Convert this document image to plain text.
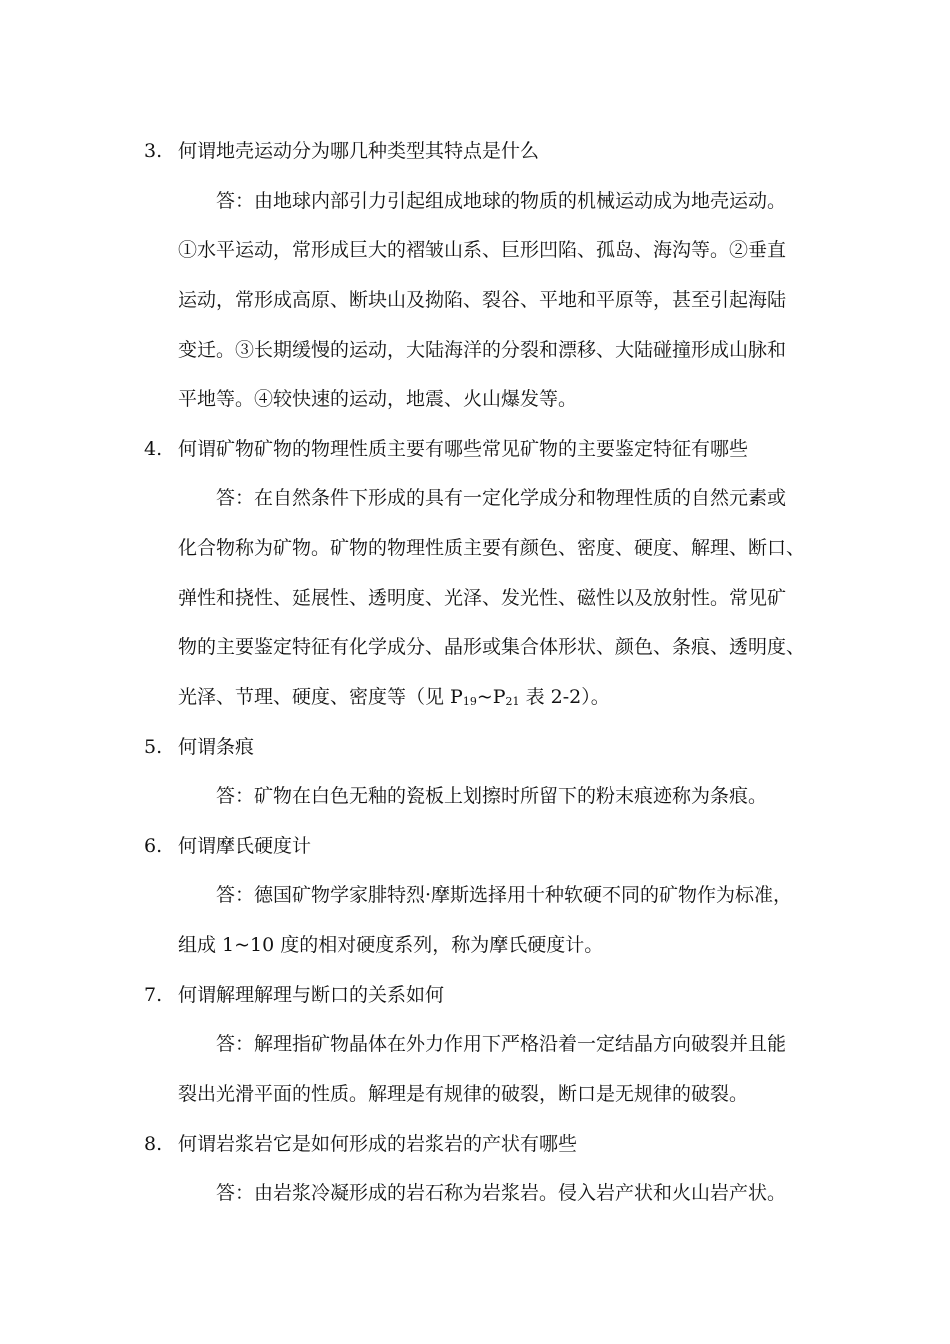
3. 何谓地壳运动分为哪几种类型其特点是什么
答：由地球内部引力引起组成地球的物质的机械运动成为地壳运动。
①水平运动，常形成巨大的褶皱山系、巨形凹陷、孤岛、海沟等。②垂直
运动，常形成高原、断块山及拗陷、裂谷、平地和平原等，甚至引起海陆
变迁。③长期缓慢的运动，大陆海洋的分裂和漂移、大陆碰撞形成山脉和
平地等。④较快速的运动，地震、火山爆发等。
4. 何谓矿物矿物的物理性质主要有哪些常见矿物的主要鉴定特征有哪些
答：在自然条件下形成的具有一定化学成分和物理性质的自然元素或
化合物称为矿物。矿物的物理性质主要有颜色、密度、硬度、解理、断口、
弹性和挠性、延展性、透明度、光泽、发光性、磁性以及放射性。常见矿
物的主要鉴定特征有化学成分、晶形或集合体形状、颜色、条痕、透明度、
光泽、节理、硬度、密度等（见 $P_{19}\sim P_{21}$ 表 2-2）。
5. 何谓条痕
答：矿物在白色无釉的瓷板上划擦时所留下的粉末痕迹称为条痕。
6. 何谓摩氏硬度计
答：德国矿物学家腓特烈·摩斯选择用十种软硬不同的矿物作为标准，
组成 1~10 度的相对硬度系列，称为摩氏硬度计。
7. 何谓解理解理与断口的关系如何
答：解理指矿物晶体在外力作用下严格沿着一定结晶方向破裂并且能
裂出光滑平面的性质。解理是有规律的破裂，断口是无规律的破裂。
8. 何谓岩浆岩它是如何形成的岩浆岩的产状有哪些
答：由岩浆冷凝形成的岩石称为岩浆岩。侵入岩产状和火山岩产状。
